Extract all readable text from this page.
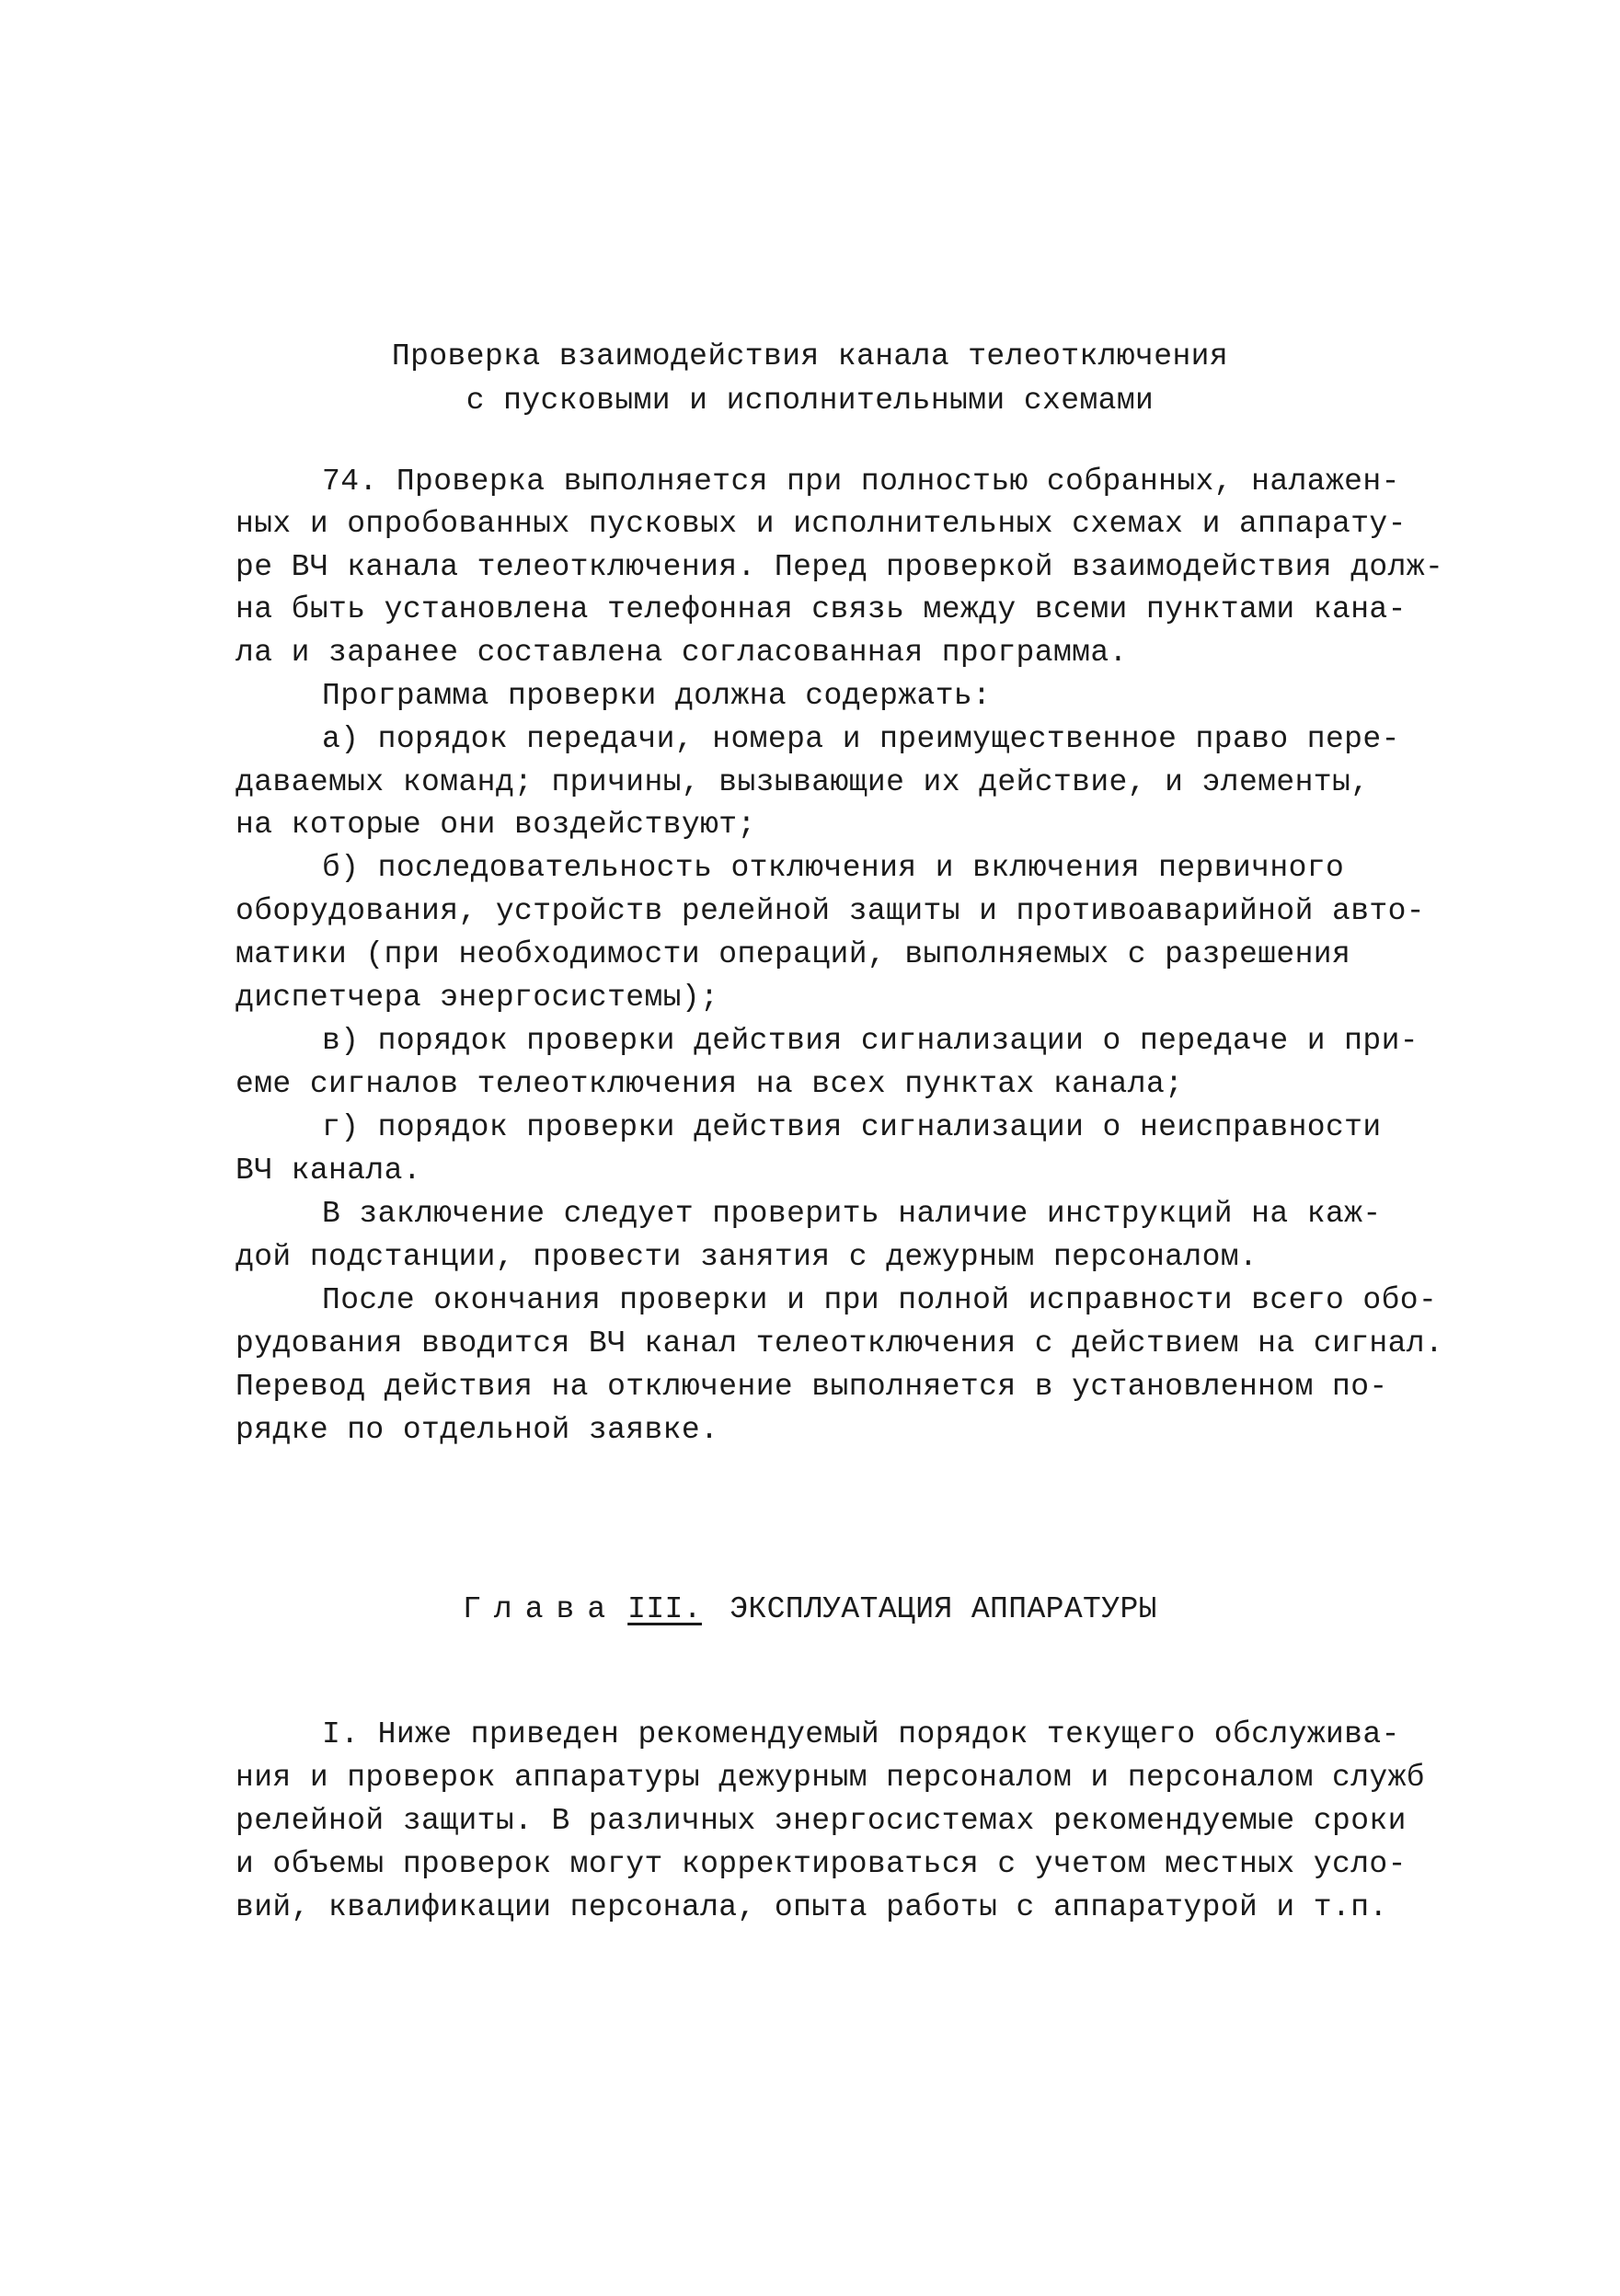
Проверка взаимодействия канала телеотключения
с пусковыми и исполнительными схемами
74. Проверка выполняется при полностью собранных, налажен-
ных и опробованных пусковых и исполнительных схемах и аппарату-
ре ВЧ канала телеотключения. Перед проверкой взаимодействия долж-
на быть установлена телефонная связь между всеми пунктами кана-
ла и заранее составлена согласованная программа.
Программа проверки должна содержать:
а) порядок передачи, номера и преимущественное право пере-
даваемых команд; причины, вызывающие их действие, и элементы,
на которые они воздействуют;
б) последовательность отключения и включения первичного
оборудования, устройств релейной защиты и противоаварийной авто-
матики (при необходимости операций, выполняемых с разрешения
диспетчера энергосистемы);
в) порядок проверки действия сигнализации о передаче и при-
еме сигналов телеотключения на всех пунктах канала;
г) порядок проверки действия сигнализации о неисправности
ВЧ канала.
В заключение следует проверить наличие инструкций на каж-
дой подстанции, провести занятия с дежурным персоналом.
После окончания проверки и при полной исправности всего обо-
рудования вводится ВЧ канал телеотключения с действием на сигнал.
Перевод действия на отключение выполняется в установленном по-
рядке по отдельной заявке.
Глава III. ЭКСПЛУАТАЦИЯ АППАРАТУРЫ
I. Ниже приведен рекомендуемый порядок текущего обслужива-
ния и проверок аппаратуры дежурным персоналом и персоналом служб
релейной защиты. В различных энергосистемах рекомендуемые сроки
и объемы проверок могут корректироваться с учетом местных усло-
вий, квалификации персонала, опыта работы с аппаратурой и т.п.
